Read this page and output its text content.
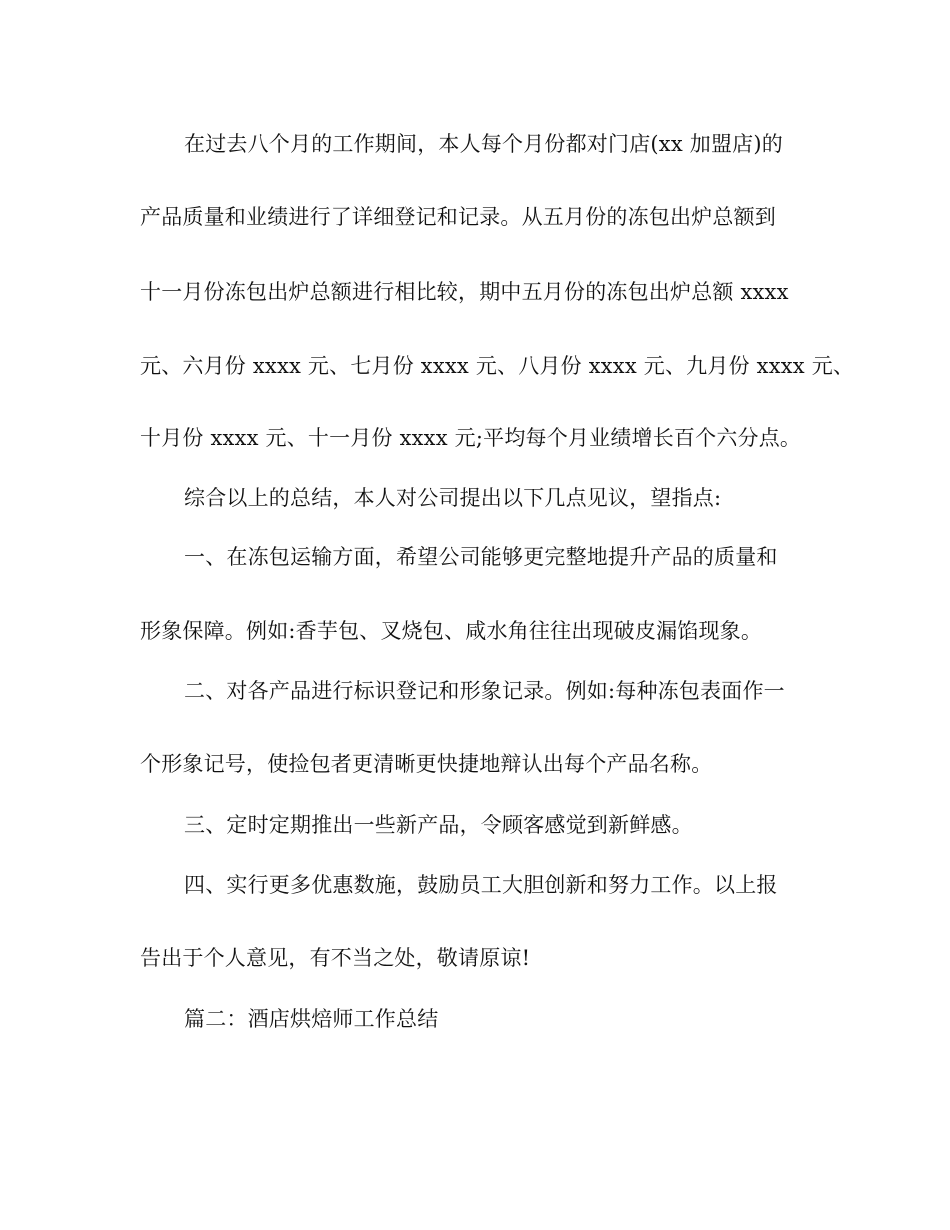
在过去八个月的工作期间，本人每个月份都对门店(xx 加盟店)的
产品质量和业绩进行了详细登记和记录。从五月份的冻包出炉总额到
十一月份冻包出炉总额进行相比较，期中五月份的冻包出炉总额 xxxx
元、六月份 xxxx 元、七月份 xxxx 元、八月份 xxxx 元、九月份 xxxx 元、
十月份 xxxx 元、十一月份 xxxx 元;平均每个月业绩增长百个六分点。
综合以上的总结，本人对公司提出以下几点见议，望指点:
一、在冻包运输方面，希望公司能够更完整地提升产品的质量和
形象保障。例如:香芋包、叉烧包、咸水角往往出现破皮漏馅现象。
二、对各产品进行标识登记和形象记录。例如:每种冻包表面作一
个形象记号，使捡包者更清晰更快捷地辩认出每个产品名称。
三、定时定期推出一些新产品，令顾客感觉到新鲜感。
四、实行更多优惠数施，鼓励员工大胆创新和努力工作。以上报
告出于个人意见，有不当之处，敬请原谅!
篇二：酒店烘焙师工作总结
